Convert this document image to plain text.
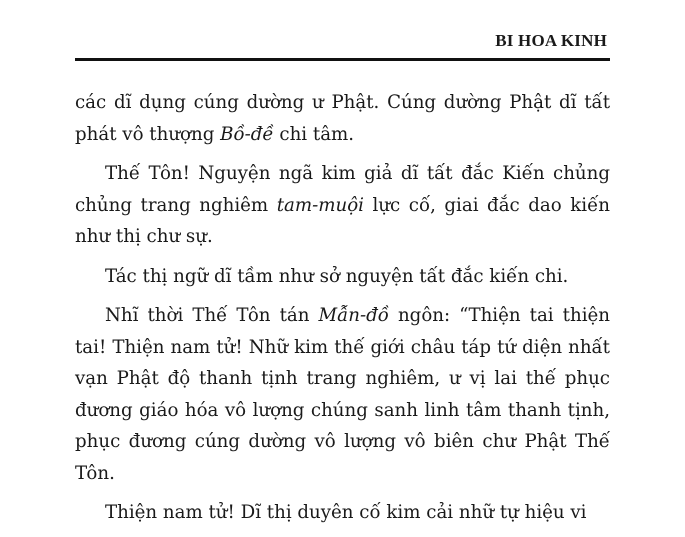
BI HOA KINH

các dĩ dụng cúng dường ư Phật. Cúng dường Phật dĩ tất phát vô thượng Bồ-đề chi tâm.

Thế Tôn! Nguyện ngã kim giả dĩ tất đắc Kiến chủng chủng trang nghiêm tam-muội lực cố, giai đắc dao kiến như thị chư sự.

Tác thị ngữ dĩ tầm như sở nguyện tất đắc kiến chi.

Nhĩ thời Thế Tôn tán Mẫn-đồ ngôn: “Thiện tai thiện tai! Thiện nam tử! Nhữ kim thế giới châu táp tứ diện nhất vạn Phật độ thanh tịnh trang nghiêm, ư vị lai thế phục đương giáo hóa vô lượng chúng sanh linh tâm thanh tịnh, phục đương cúng dường vô lượng vô biên chư Phật Thế Tôn.

Thiện nam tử! Dĩ thị duyên cố kim cải nhữ tự hiệu vi
